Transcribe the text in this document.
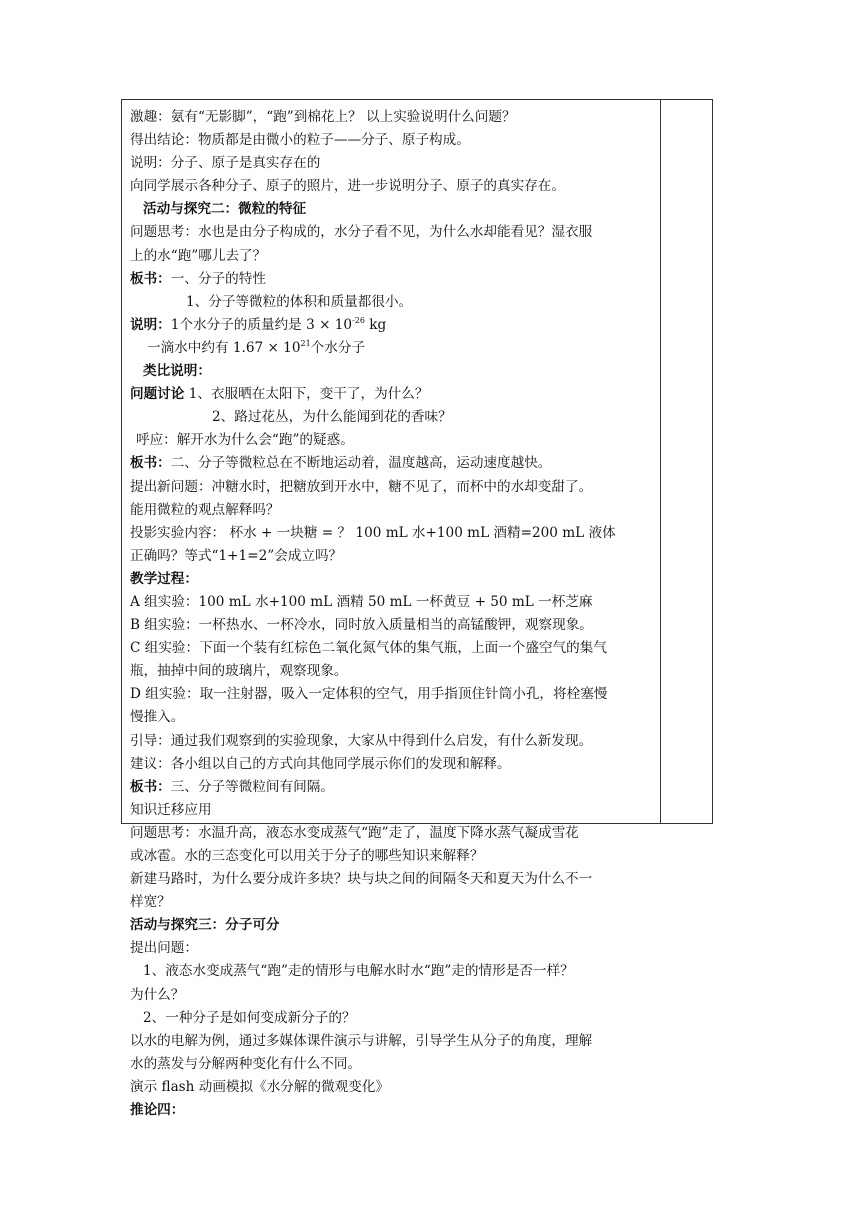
激趣：氨有“无影脚”，“跑”到棉花上？ 以上实验说明什么问题？
得出结论：物质都是由微小的粒子——分子、原子构成。
说明：分子、原子是真实存在的
向同学展示各种分子、原子的照片，进一步说明分子、原子的真实存在。
活动与探究二：微粒的特征
问题思考：水也是由分子构成的，水分子看不见，为什么水却能看见？湿衣服
上的水“跑”哪儿去了？
板书：一、分子的特性
1、分子等微粒的体积和质量都很小。
说明：1个水分子的质量约是 $3 \times 10^{-26}$ kg
一滴水中约有 $1.67 \times 10^{21}$个水分子
类比说明：
问题讨论 1、衣服晒在太阳下，变干了，为什么？
2、路过花丛，为什么能闻到花的香味？
呼应：解开水为什么会“跑”的疑惑。
板书：二、分子等微粒总在不断地运动着，温度越高，运动速度越快。
提出新问题：冲糖水时，把糖放到开水中，糖不见了，而杯中的水却变甜了。
能用微粒的观点解释吗？
投影实验内容： 杯水 + 一块糖 = ？ 100 mL 水+100 mL 酒精=200 mL 液体
正确吗？等式“1+1=2”会成立吗？
教学过程：
A 组实验：100 mL 水+100 mL 酒精 50 mL 一杯黄豆 + 50 mL 一杯芝麻
B 组实验：一杯热水、一杯冷水，同时放入质量相当的高锰酸钾，观察现象。
C 组实验：下面一个装有红棕色二氧化氮气体的集气瓶，上面一个盛空气的集气
瓶，抽掉中间的玻璃片，观察现象。
D 组实验：取一注射器，吸入一定体积的空气，用手指顶住针筒小孔，将栓塞慢
慢推入。
引导：通过我们观察到的实验现象，大家从中得到什么启发，有什么新发现。
建议：各小组以自己的方式向其他同学展示你们的发现和解释。
板书：三、分子等微粒间有间隔。
知识迁移应用
问题思考：水温升高，液态水变成蒸气“跑”走了，温度下降水蒸气凝成雪花
或冰雹。水的三态变化可以用关于分子的哪些知识来解释？
新建马路时，为什么要分成许多块？块与块之间的间隔冬天和夏天为什么不一
样宽？
活动与探究三：分子可分
提出问题：
1、液态水变成蒸气“跑”走的情形与电解水时水“跑”走的情形是否一样？
为什么？
2、一种分子是如何变成新分子的？
以水的电解为例，通过多媒体课件演示与讲解，引导学生从分子的角度，理解
水的蒸发与分解两种变化有什么不同。
演示 flash 动画模拟《水分解的微观变化》
推论四：
